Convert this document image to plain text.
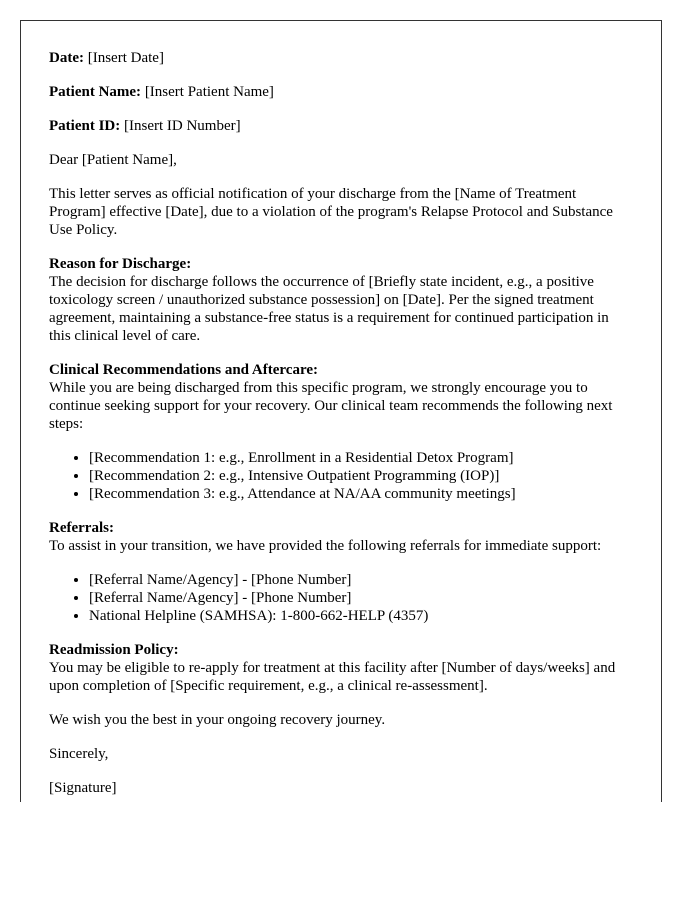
Date: [Insert Date]

Patient Name: [Insert Patient Name]

Patient ID: [Insert ID Number]

Dear [Patient Name],

This letter serves as official notification of your discharge from the [Name of Treatment Program] effective [Date], due to a violation of the program's Relapse Protocol and Substance Use Policy.

Reason for Discharge:
The decision for discharge follows the occurrence of [Briefly state incident, e.g., a positive toxicology screen / unauthorized substance possession] on [Date]. Per the signed treatment agreement, maintaining a substance-free status is a requirement for continued participation in this clinical level of care.

Clinical Recommendations and Aftercare:
While you are being discharged from this specific program, we strongly encourage you to continue seeking support for your recovery. Our clinical team recommends the following next steps:

• [Recommendation 1: e.g., Enrollment in a Residential Detox Program]
• [Recommendation 2: e.g., Intensive Outpatient Programming (IOP)]
• [Recommendation 3: e.g., Attendance at NA/AA community meetings]

Referrals:
To assist in your transition, we have provided the following referrals for immediate support:

• [Referral Name/Agency] - [Phone Number]
• [Referral Name/Agency] - [Phone Number]
• National Helpline (SAMHSA): 1-800-662-HELP (4357)

Readmission Policy:
You may be eligible to re-apply for treatment at this facility after [Number of days/weeks] and upon completion of [Specific requirement, e.g., a clinical re-assessment].

We wish you the best in your ongoing recovery journey.

Sincerely,

[Signature]
